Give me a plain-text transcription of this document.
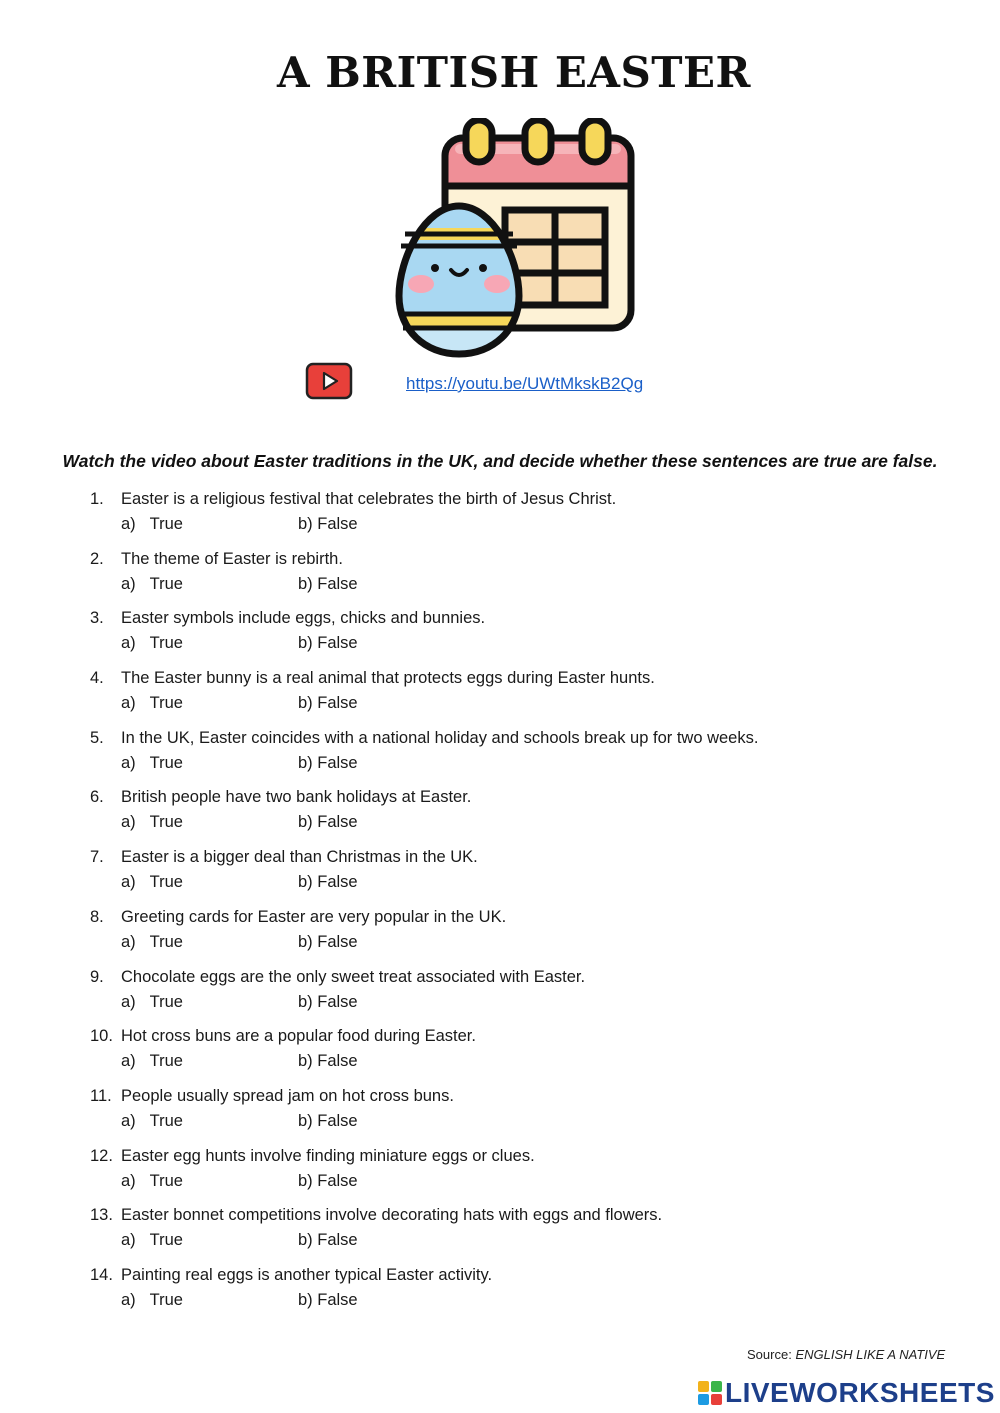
A BRITISH EASTER
https://youtu.be/UWtMkskB2Qg
Watch the video about Easter traditions in the UK, and decide whether these sentences are true are false.
1. Easter is a religious festival that celebrates the birth of Jesus Christ.
a) True	b) False
2. The theme of Easter is rebirth.
a) True	b) False
3. Easter symbols include eggs, chicks and bunnies.
a) True	b) False
4. The Easter bunny is a real animal that protects eggs during Easter hunts.
a) True	b) False
5. In the UK, Easter coincides with a national holiday and schools break up for two weeks.
a) True	b) False
6. British people have two bank holidays at Easter.
a) True	b) False
7. Easter is a bigger deal than Christmas in the UK.
a) True	b) False
8. Greeting cards for Easter are very popular in the UK.
a) True	b) False
9. Chocolate eggs are the only sweet treat associated with Easter.
a) True	b) False
10. Hot cross buns are a popular food during Easter.
a) True	b) False
11. People usually spread jam on hot cross buns.
a) True	b) False
12. Easter egg hunts involve finding miniature eggs or clues.
a) True	b) False
13. Easter bonnet competitions involve decorating hats with eggs and flowers.
a) True	b) False
14. Painting real eggs is another typical Easter activity.
a) True	b) False
Source: ENGLISH LIKE A NATIVE
LIVEWORKSHEETS
